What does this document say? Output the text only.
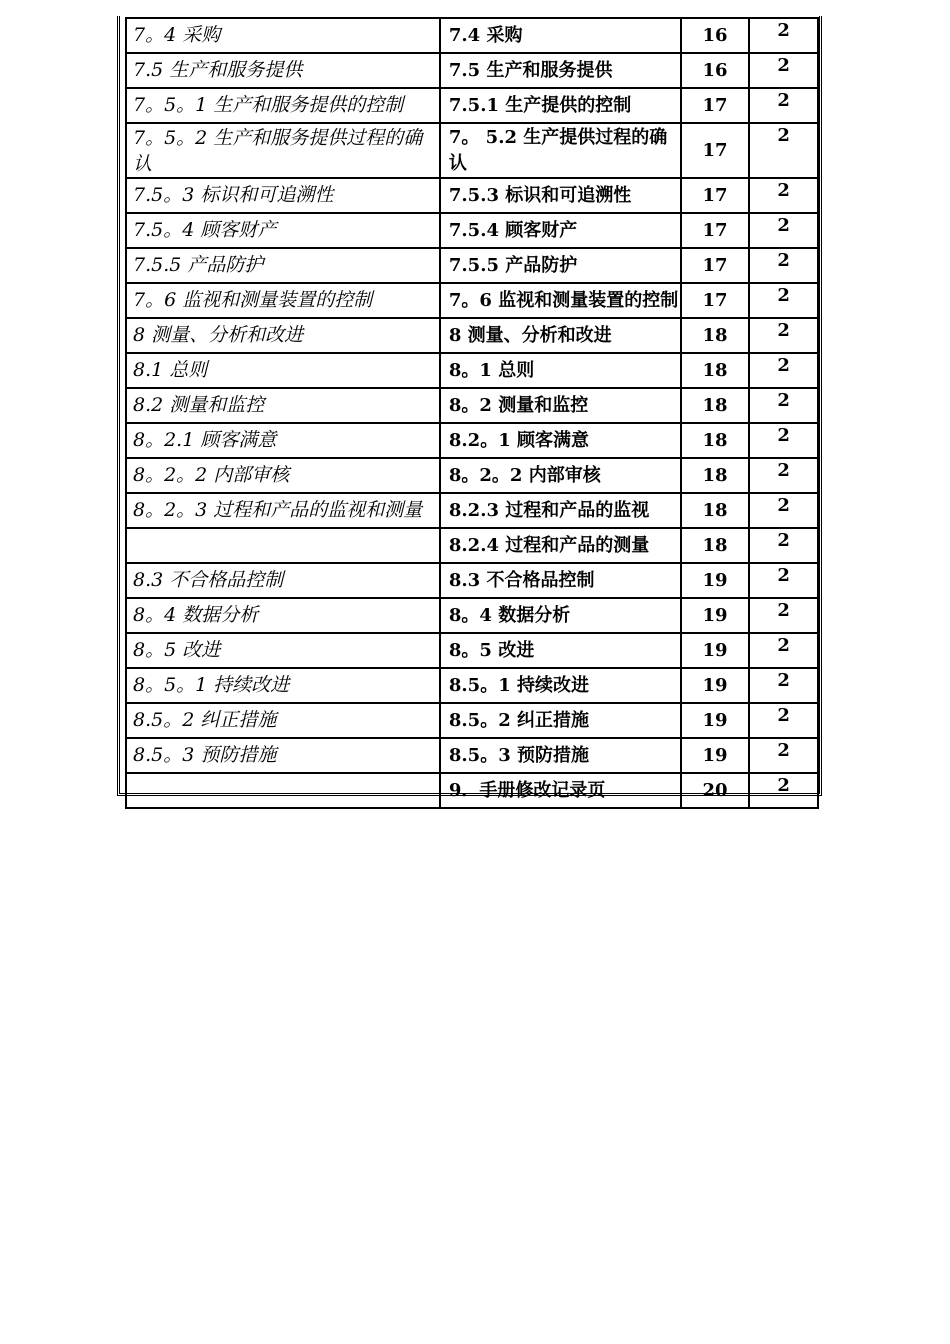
7。4 采购	7.4 采购	16	2
7.5 生产和服务提供	7.5 生产和服务提供	16	2
7。5。1 生产和服务提供的控制	7.5.1 生产提供的控制	17	2

7。5。2 生产和服务提供过程的确认	7。 5.2 生产提供过程的确认	17	2
7.5。3 标识和可追溯性	7.5.3 标识和可追溯性	17	2
7.5。4 顾客财产	7.5.4 顾客财产	17	2
7.5.5 产品防护	7.5.5 产品防护	17	2
7。6 监视和测量装置的控制	7。6 监视和测量装置的控制	17	2
8 测量、分析和改进	8 测量、分析和改进	18	2
8.1 总则	8。1 总则	18	2
8.2 测量和监控	8。2 测量和监控	18	2
8。2.1 顾客满意	8.2。1 顾客满意	18	2
8。2。2 内部审核	8。2。2 内部审核	18	2
8。2。3 过程和产品的监视和测量	8.2.3 过程和产品的监视	18	2
	8.2.4 过程和产品的测量	18	2
8.3 不合格品控制	8.3 不合格品控制	19	2
8。4 数据分析	8。4 数据分析	19	2
8。5 改进	8。5 改进	19	2
8。5。1 持续改进	8.5。1 持续改进	19	2
8.5。2 纠正措施	8.5。2 纠正措施	19	2
8.5。3 预防措施	8.5。3 预防措施	19	2
	9．手册修改记录页	20	2
